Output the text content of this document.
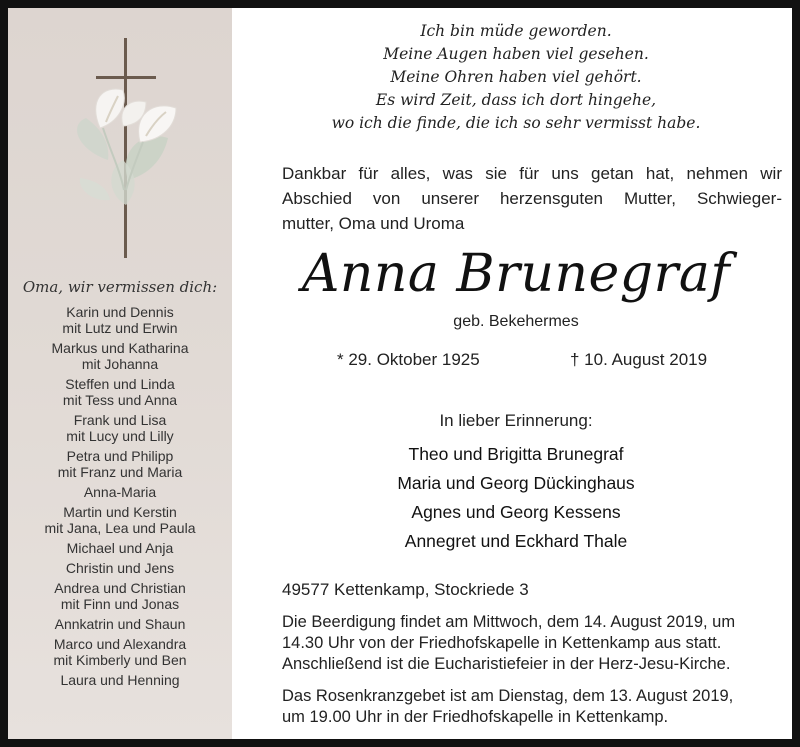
Oma, wir vermissen dich:
Karin und Dennis
mit Lutz und Erwin
Markus und Katharina
mit Johanna
Steffen und Linda
mit Tess und Anna
Frank und Lisa
mit Lucy und Lilly
Petra und Philipp
mit Franz und Maria
Anna-Maria
Martin und Kerstin
mit Jana, Lea und Paula
Michael und Anja
Christin und Jens
Andrea und Christian
mit Finn und Jonas
Annkatrin und Shaun
Marco und Alexandra
mit Kimberly und Ben
Laura und Henning
Ich bin müde geworden.
Meine Augen haben viel gesehen.
Meine Ohren haben viel gehört.
Es wird Zeit, dass ich dort hingehe,
wo ich die finde, die ich so sehr vermisst habe.
Dankbar für alles, was sie für uns getan hat, nehmen wir
Abschied von unserer herzensguten Mutter, Schwieger-
mutter, Oma und Uroma
Anna Brunegraf
geb. Bekehermes
* 29. Oktober 1925	† 10. August 2019
In lieber Erinnerung:
Theo und Brigitta Brunegraf
Maria und Georg Dückinghaus
Agnes und Georg Kessens
Annegret und Eckhard Thale
49577 Kettenkamp, Stockriede 3
Die Beerdigung findet am Mittwoch, dem 14. August 2019, um
14.30 Uhr von der Friedhofskapelle in Kettenkamp aus statt.
Anschließend ist die Eucharistiefeier in der Herz-Jesu-Kirche.
Das Rosenkranzgebet ist am Dienstag, dem 13. August 2019,
um 19.00 Uhr in der Friedhofskapelle in Kettenkamp.
